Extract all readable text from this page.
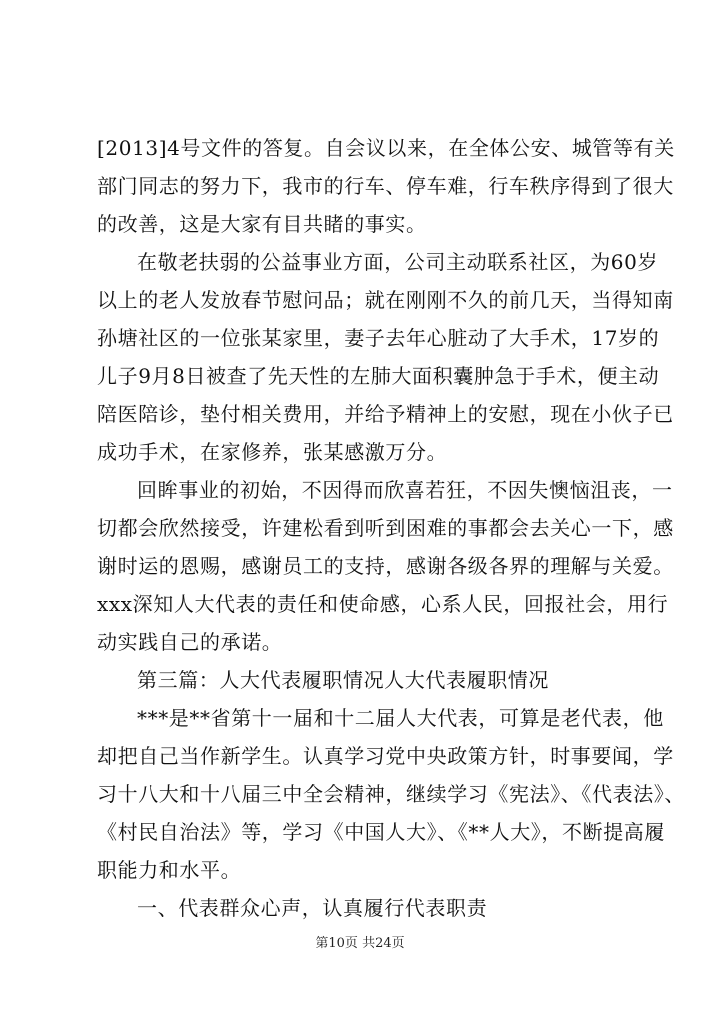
[2013]4号文件的答复。自会议以来，在全体公安、城管等有关
部门同志的努力下，我市的行车、停车难，行车秩序得到了很大
的改善，这是大家有目共睹的事实。
在敬老扶弱的公益事业方面，公司主动联系社区，为60岁
以上的老人发放春节慰问品；就在刚刚不久的前几天，当得知南
孙塘社区的一位张某家里，妻子去年心脏动了大手术，17岁的
儿子9月8日被查了先天性的左肺大面积囊肿急于手术，便主动
陪医陪诊，垫付相关费用，并给予精神上的安慰，现在小伙子已
成功手术，在家修养，张某感激万分。
回眸事业的初始，不因得而欣喜若狂，不因失懊恼沮丧，一
切都会欣然接受，许建松看到听到困难的事都会去关心一下，感
谢时运的恩赐，感谢员工的支持，感谢各级各界的理解与关爱。
xxx深知人大代表的责任和使命感，心系人民，回报社会，用行
动实践自己的承诺。
第三篇：人大代表履职情况人大代表履职情况
***是**省第十一届和十二届人大代表，可算是老代表，他
却把自己当作新学生。认真学习党中央政策方针，时事要闻，学
习十八大和十八届三中全会精神，继续学习《宪法》、《代表法》、
《村民自治法》等，学习《中国人大》、《**人大》，不断提高履
职能力和水平。
一、代表群众心声，认真履行代表职责
第10页 共24页
